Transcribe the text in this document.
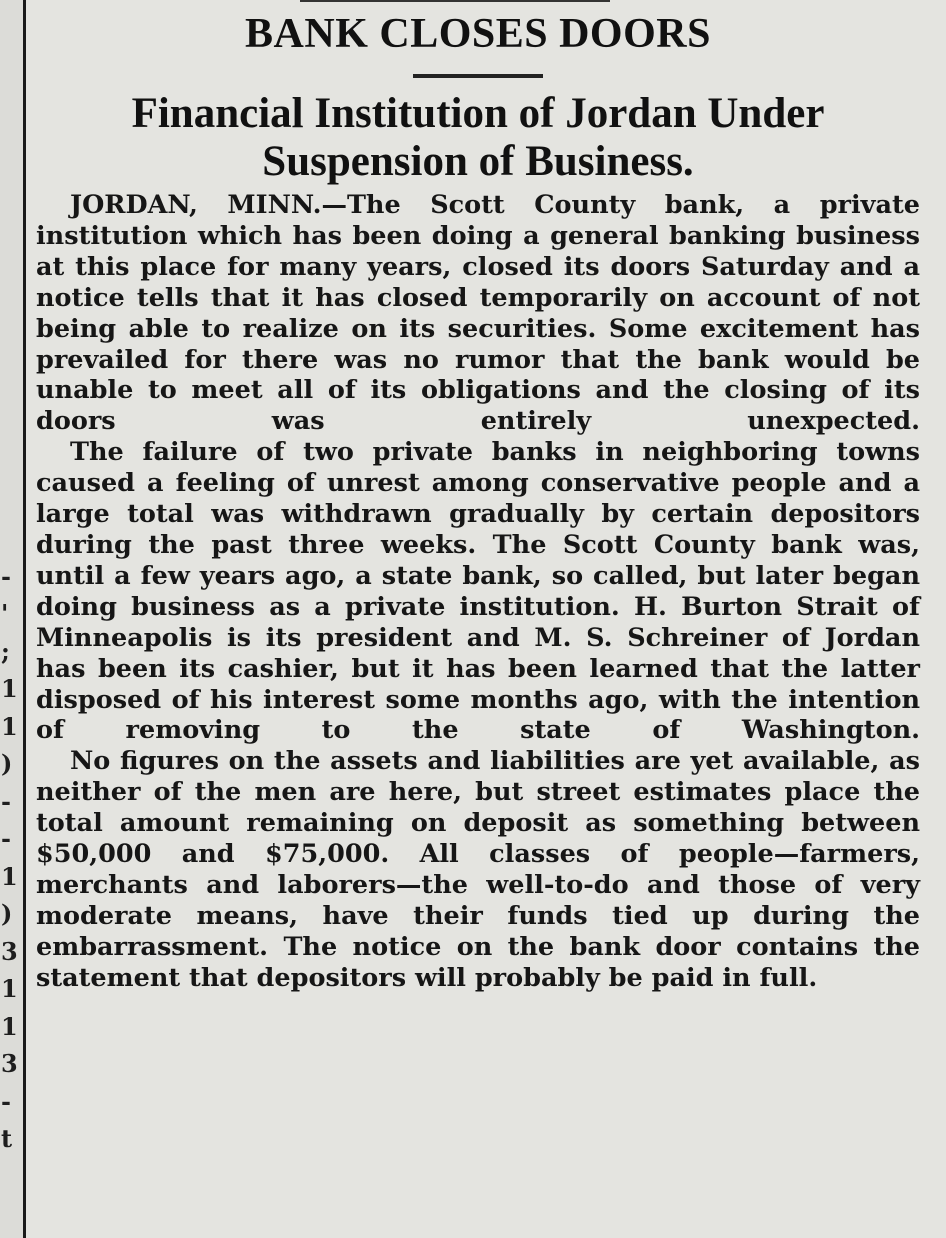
-
'
;
1
1
)
-
-
1
)
3
1
1
3
-
t
BANK CLOSES DOORS
Financial Institution of Jordan Under Suspension of Business.

JORDAN, MINN.—The Scott County bank, a private institution which has been doing a general banking business at this place for many years, closed its doors Saturday and a notice tells that it has closed temporarily on account of not being able to realize on its securities. Some excitement has prevailed for there was no rumor that the bank would be unable to meet all of its obligations and the closing of its doors was entirely unexpected.

The failure of two private banks in neighboring towns caused a feeling of unrest among conservative people and a large total was withdrawn gradually by certain depositors during the past three weeks. The Scott County bank was, until a few years ago, a state bank, so called, but later began doing business as a private institution. H. Burton Strait of Minneapolis is its president and M. S. Schreiner of Jordan has been its cashier, but it has been learned that the latter disposed of his interest some months ago, with the intention of removing to the state of Washington.

No figures on the assets and liabilities are yet available, as neither of the men are here, but street estimates place the total amount remaining on deposit as something between $50,000 and $75,000. All classes of people—farmers, merchants and laborers—the well-to-do and those of very moderate means, have their funds tied up during the embarrassment. The notice on the bank door contains the statement that depositors will probably be paid in full.
